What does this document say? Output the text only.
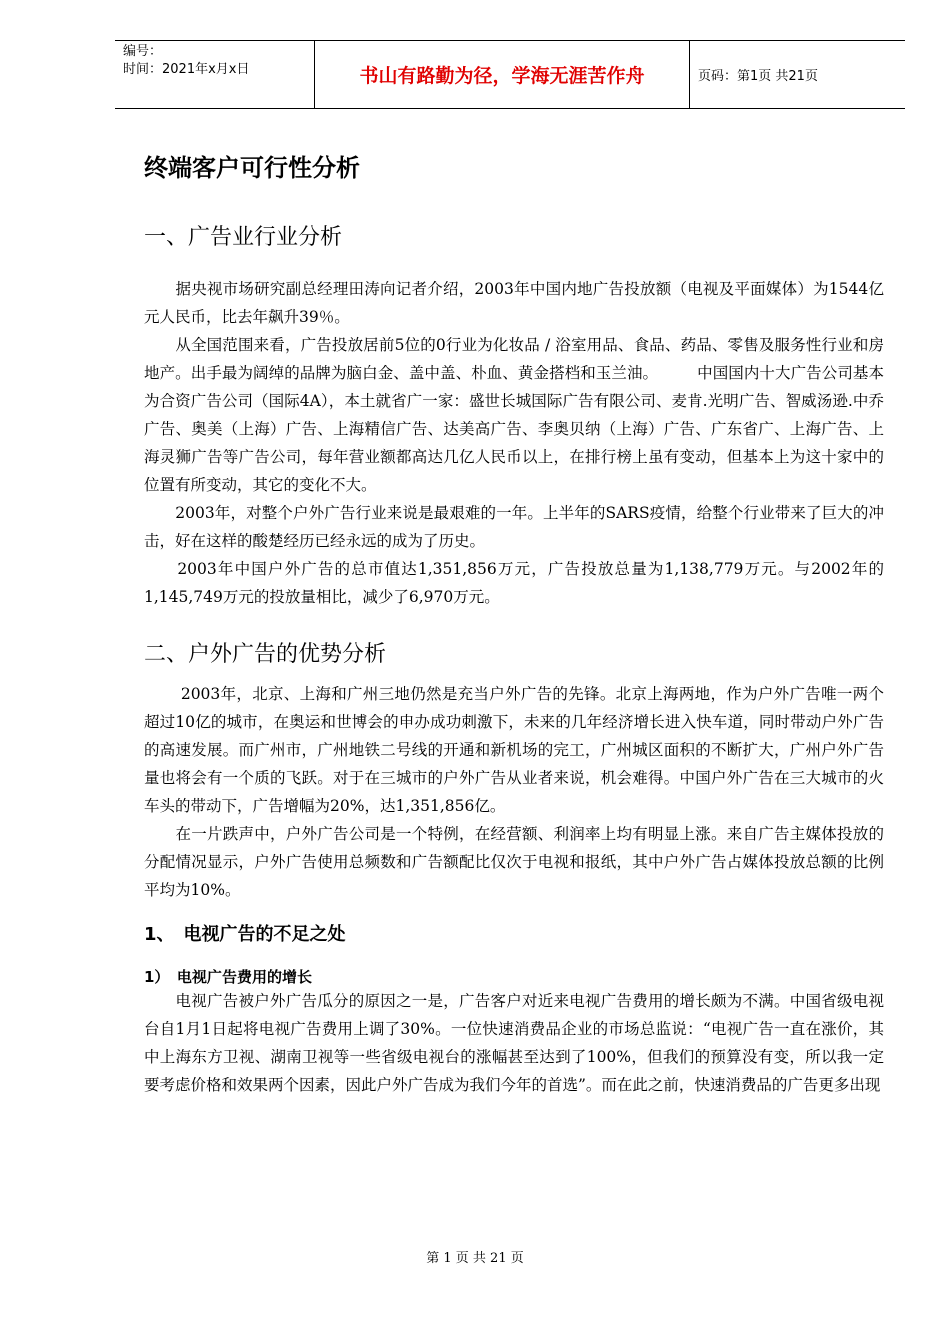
编号：
时间：2021年x月x日	书山有路勤为径，学海无涯苦作舟	页码：第1页 共21页
终端客户可行性分析
一、广告业行业分析

　　据央视市场研究副总经理田涛向记者介绍，2003年中国内地广告投放额（电视及平面媒体）为1544亿元人民币，比去年飙升39％。

　　从全国范围来看，广告投放居前5位的0行业为化妆品 / 浴室用品、食品、药品、零售及服务性行业和房地产。出手最为阔绰的品牌为脑白金、盖中盖、朴血、黄金搭档和玉兰油。　　　中国国内十大广告公司基本为合资广告公司（国际4A），本土就省广一家：盛世长城国际广告有限公司、麦肯.光明广告、智威汤逊.中乔广告、奥美（上海）广告、上海精信广告、达美高广告、李奥贝纳（上海）广告、广东省广、上海广告、上海灵狮广告等广告公司，每年营业额都高达几亿人民币以上，在排行榜上虽有变动，但基本上为这十家中的位置有所变动，其它的变化不大。

　　2003年，对整个户外广告行业来说是最艰难的一年。上半年的SARS疫情，给整个行业带来了巨大的冲击，好在这样的酸楚经历已经永远的成为了历史。

　　2003年中国户外广告的总市值达1,351,856万元，广告投放总量为1,138,779万元。与2002年的1,145,749万元的投放量相比，减少了6,970万元。

二、户外广告的优势分析

　　 2003年，北京、上海和广州三地仍然是充当户外广告的先锋。北京上海两地，作为户外广告唯一两个超过10亿的城市，在奥运和世博会的申办成功刺激下，未来的几年经济增长进入快车道，同时带动户外广告的高速发展。而广州市，广州地铁二号线的开通和新机场的完工，广州城区面积的不断扩大，广州户外广告量也将会有一个质的飞跃。对于在三城市的户外广告从业者来说，机会难得。中国户外广告在三大城市的火车头的带动下，广告增幅为20%，达1,351,856亿。

　　在一片跌声中，户外广告公司是一个特例，在经营额、利润率上均有明显上涨。来自广告主媒体投放的分配情况显示，户外广告使用总频数和广告额配比仅次于电视和报纸，其中户外广告占媒体投放总额的比例平均为10%。

1、　电视广告的不足之处
1）　电视广告费用的增长

　　电视广告被户外广告瓜分的原因之一是，广告客户对近来电视广告费用的增长颇为不满。中国省级电视台自1月1日起将电视广告费用上调了30%。一位快速消费品企业的市场总监说：“电视广告一直在涨价，其中上海东方卫视、湖南卫视等一些省级电视台的涨幅甚至达到了100%，但我们的预算没有变，所以我一定要考虑价格和效果两个因素，因此户外广告成为我们今年的首选”。而在此之前，快速消费品的广告更多出现

第 1 页 共 21 页
